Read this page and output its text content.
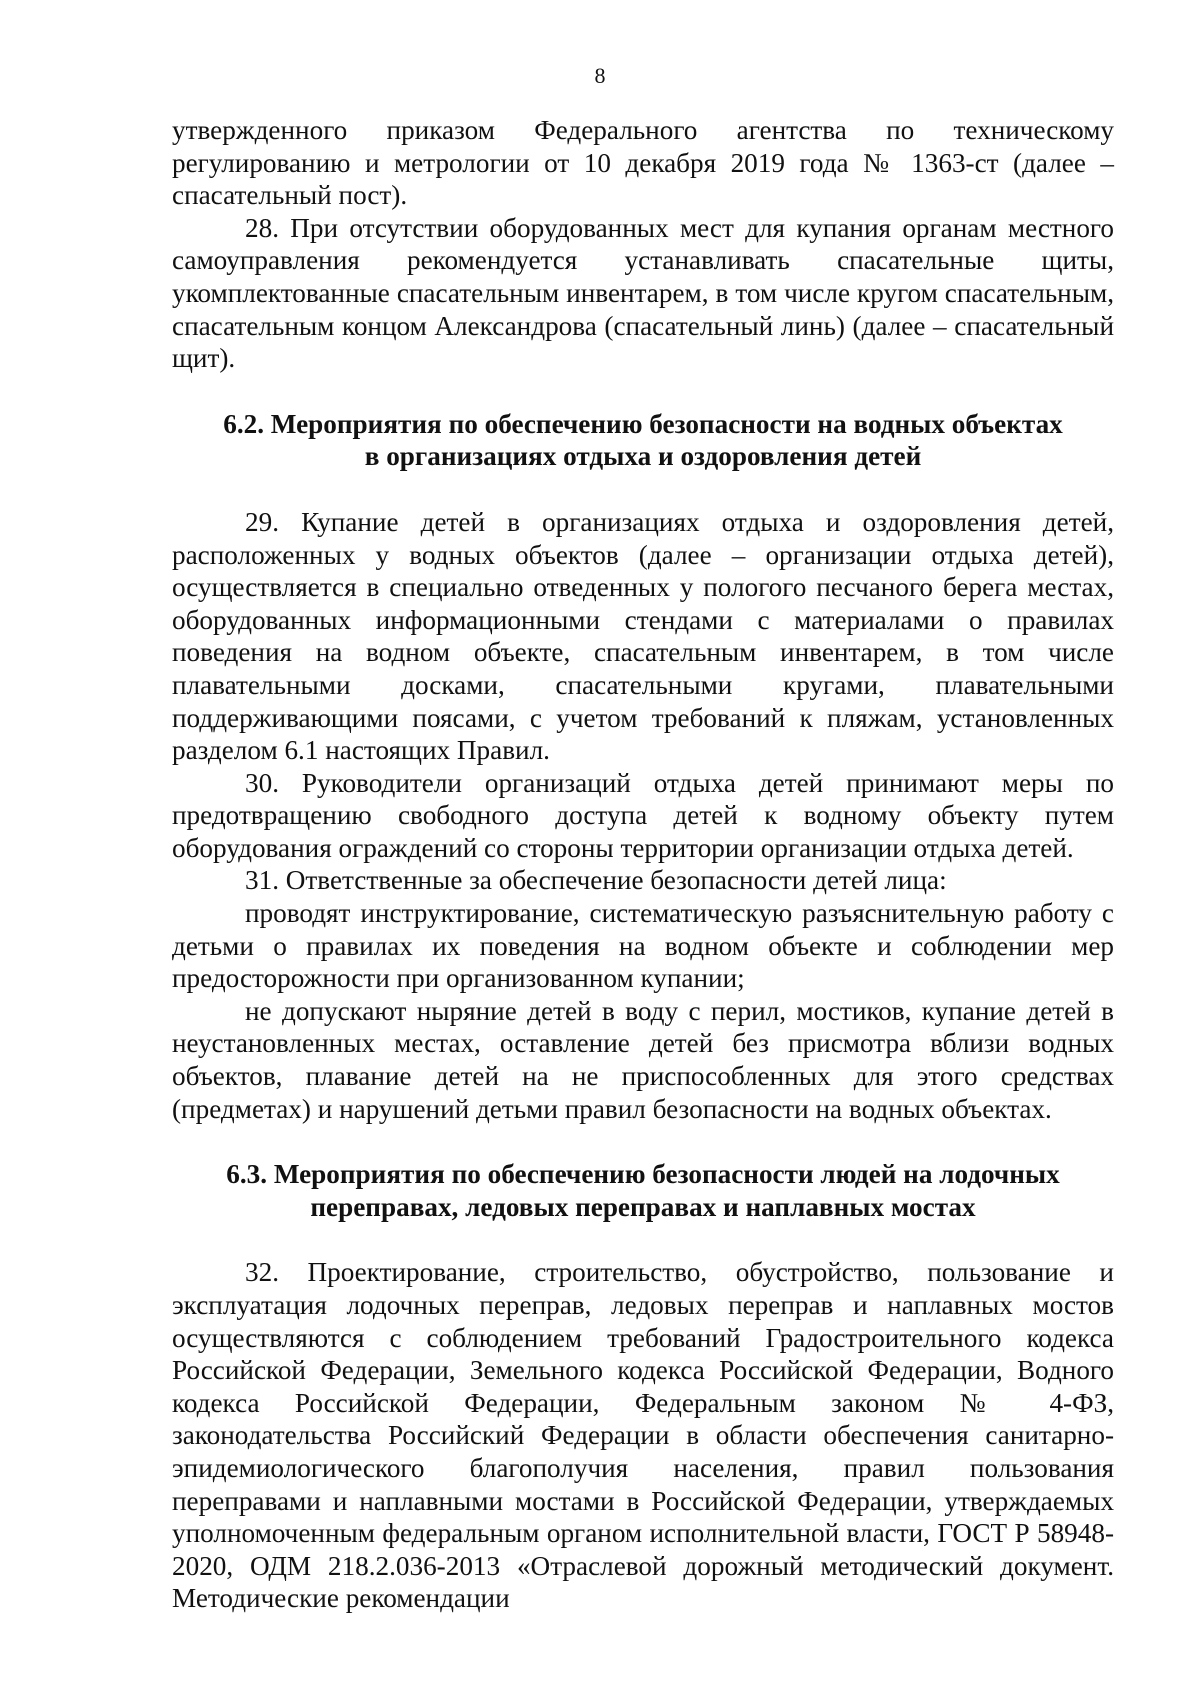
8

утвержденного приказом Федерального агентства по техническому регулированию и метрологии от 10 декабря 2019 года № 1363-ст (далее – спасательный пост).

28. При отсутствии оборудованных мест для купания органам местного самоуправления рекомендуется устанавливать спасательные щиты, укомплектованные спасательным инвентарем, в том числе кругом спасательным, спасательным концом Александрова (спасательный линь) (далее – спасательный щит).

6.2. Мероприятия по обеспечению безопасности на водных объектах
в организациях отдыха и оздоровления детей

29. Купание детей в организациях отдыха и оздоровления детей, расположенных у водных объектов (далее – организации отдыха детей), осуществляется в специально отведенных у пологого песчаного берега местах, оборудованных информационными стендами с материалами о правилах поведения на водном объекте, спасательным инвентарем, в том числе плавательными досками, спасательными кругами, плавательными поддерживающими поясами, с учетом требований к пляжам, установленных разделом 6.1 настоящих Правил.

30. Руководители организаций отдыха детей принимают меры по предотвращению свободного доступа детей к водному объекту путем оборудования ограждений со стороны территории организации отдыха детей.

31. Ответственные за обеспечение безопасности детей лица:

проводят инструктирование, систематическую разъяснительную работу с детьми о правилах их поведения на водном объекте и соблюдении мер предосторожности при организованном купании;

не допускают ныряние детей в воду с перил, мостиков, купание детей в неустановленных местах, оставление детей без присмотра вблизи водных объектов, плавание детей на не приспособленных для этого средствах (предметах) и нарушений детьми правил безопасности на водных объектах.

6.3. Мероприятия по обеспечению безопасности людей на лодочных
переправах, ледовых переправах и наплавных мостах

32. Проектирование, строительство, обустройство, пользование и эксплуатация лодочных переправ, ледовых переправ и наплавных мостов осуществляются с соблюдением требований Градостроительного кодекса Российской Федерации, Земельного кодекса Российской Федерации, Водного кодекса Российской Федерации, Федеральным законом № 4-ФЗ, законодательства Российский Федерации в области обеспечения санитарно-эпидемиологического благополучия населения, правил пользования переправами и наплавными мостами в Российской Федерации, утверждаемых уполномоченным федеральным органом исполнительной власти, ГОСТ Р 58948-2020, ОДМ 218.2.036-2013 «Отраслевой дорожный методический документ. Методические рекомендации
